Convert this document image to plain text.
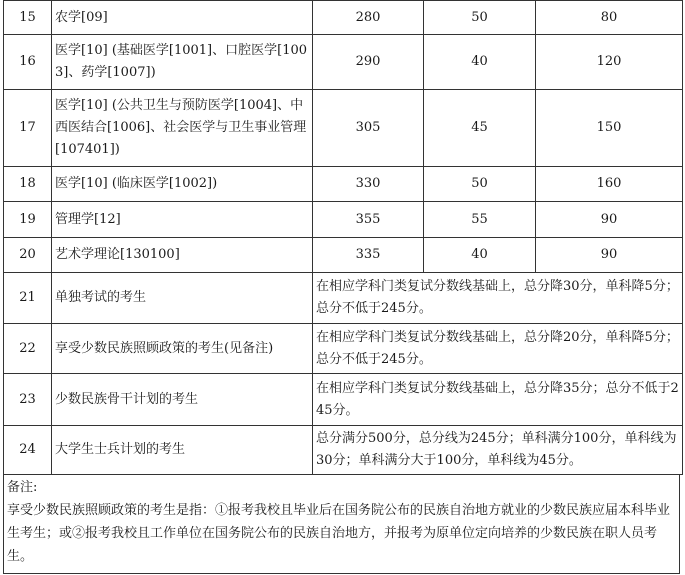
15	农学[09]	280	50	80
16	医学[10] (基础医学[1001]、口腔医学[1003]、药学[1007])	290	40	120
17	医学[10] (公共卫生与预防医学[1004]、中西医结合[1006]、社会医学与卫生事业管理[107401])	305	45	150
18	医学[10] (临床医学[1002])	330	50	160
19	管理学[12]	355	55	90
20	艺术学理论[130100]	335	40	90
21	单独考试的考生	在相应学科门类复试分数线基础上，总分降30分，单科降5分；总分不低于245分。		
22	享受少数民族照顾政策的考生(见备注)	在相应学科门类复试分数线基础上，总分降20分，单科降5分；总分不低于245分。		
23	少数民族骨干计划的考生	在相应学科门类复试分数线基础上，总分降35分；总分不低于245分。		
24	大学生士兵计划的考生	总分满分500分，总分线为245分；单科满分100分，单科线为30分；单科满分大于100分，单科线为45分。		
备注:
享受少数民族照顾政策的考生是指：①报考我校且毕业后在国务院公布的民族自治地方就业的少数民族应届本科毕业生考生；或②报考我校且工作单位在国务院公布的民族自治地方，并报考为原单位定向培养的少数民族在职人员考生。
